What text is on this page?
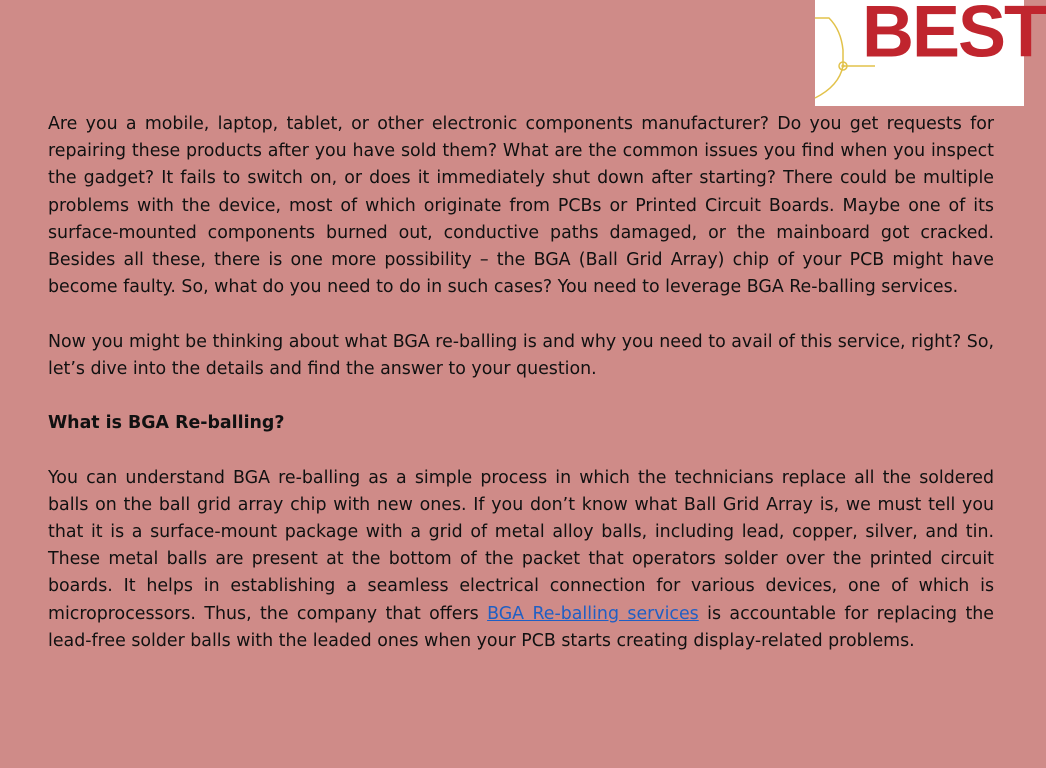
BEST

Are you a mobile, laptop, tablet, or other electronic components manufacturer? Do you get requests for repairing these products after you have sold them? What are the common issues you find when you inspect the gadget? It fails to switch on, or does it immediately shut down after starting? There could be multiple problems with the device, most of which originate from PCBs or Printed Circuit Boards. Maybe one of its surface-mounted components burned out, conductive paths damaged, or the mainboard got cracked. Besides all these, there is one more possibility – the BGA (Ball Grid Array) chip of your PCB might have become faulty. So, what do you need to do in such cases? You need to leverage BGA Re-balling services.

Now you might be thinking about what BGA re-balling is and why you need to avail of this service, right? So, let’s dive into the details and find the answer to your question.

What is BGA Re-balling?

You can understand BGA re-balling as a simple process in which the technicians replace all the soldered balls on the ball grid array chip with new ones. If you don’t know what Ball Grid Array is, we must tell you that it is a surface-mount package with a grid of metal alloy balls, including lead, copper, silver, and tin. These metal balls are present at the bottom of the packet that operators solder over the printed circuit boards. It helps in establishing a seamless electrical connection for various devices, one of which is microprocessors. Thus, the company that offers BGA Re-balling services is accountable for replacing the lead-free solder balls with the leaded ones when your PCB starts creating display-related problems.
